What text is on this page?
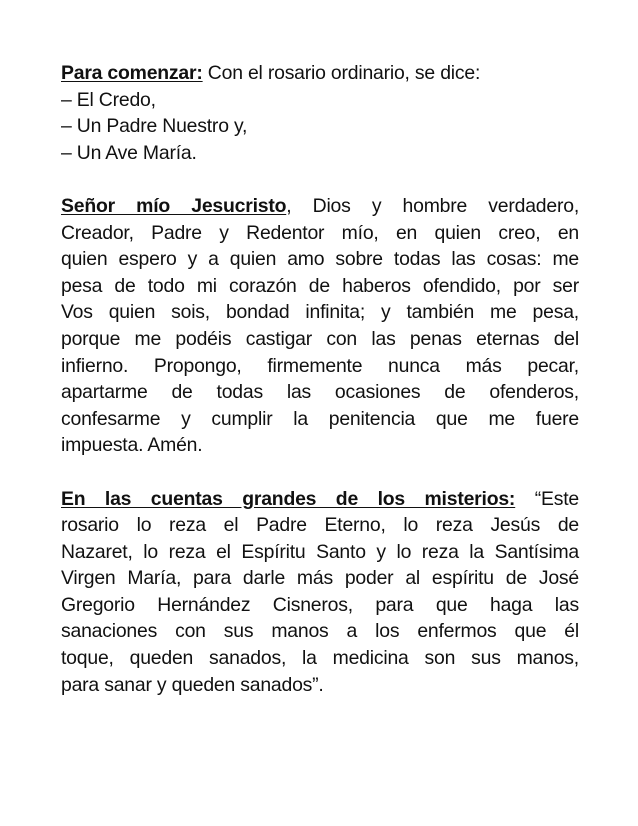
Para comenzar: Con el rosario ordinario, se dice:
– El Credo,
– Un Padre Nuestro y,
– Un Ave María.
Señor mío Jesucristo, Dios y hombre verdadero,
Creador, Padre y Redentor mío, en quien creo, en
quien espero y a quien amo sobre todas las cosas: me
pesa de todo mi corazón de haberos ofendido, por ser
Vos quien sois, bondad infinita; y también me pesa,
porque me podéis castigar con las penas eternas del
infierno. Propongo, firmemente nunca más pecar,
apartarme de todas las ocasiones de ofenderos,
confesarme y cumplir la penitencia que me fuere
impuesta. Amén.
En las cuentas grandes de los misterios: “Este
rosario lo reza el Padre Eterno, lo reza Jesús de
Nazaret, lo reza el Espíritu Santo y lo reza la Santísima
Virgen María, para darle más poder al espíritu de José
Gregorio Hernández Cisneros, para que haga las
sanaciones con sus manos a los enfermos que él
toque, queden sanados, la medicina son sus manos,
para sanar y queden sanados”.
